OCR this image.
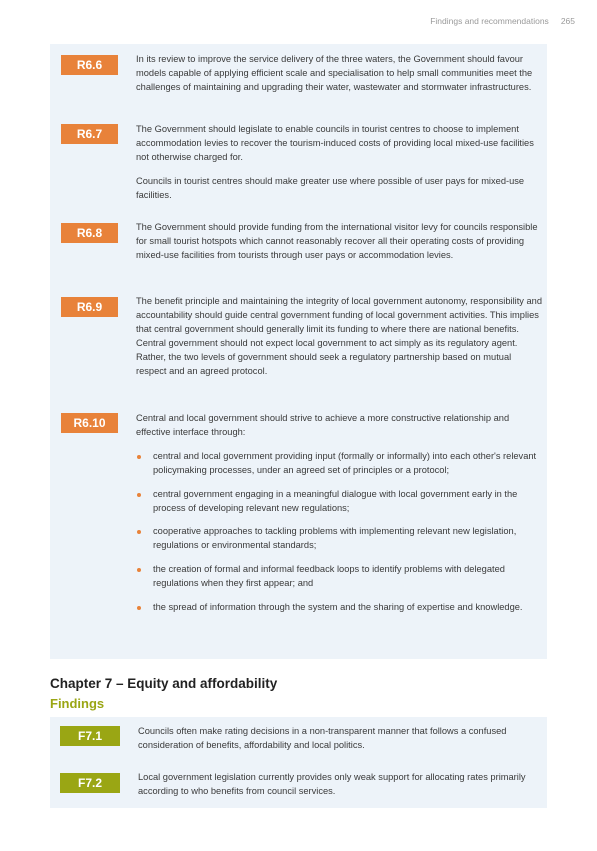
Findings and recommendations 265
R6.6	In its review to improve the service delivery of the three waters, the Government should favour models capable of applying efficient scale and specialisation to help small communities meet the challenges of maintaining and upgrading their water, wastewater and stormwater infrastructures.

R6.7	The Government should legislate to enable councils in tourist centres to choose to implement accommodation levies to recover the tourism-induced costs of providing local mixed-use facilities not otherwise charged for.

Councils in tourist centres should make greater use where possible of user pays for mixed-use facilities.

R6.8	The Government should provide funding from the international visitor levy for councils responsible for small tourist hotspots which cannot reasonably recover all their operating costs of providing mixed-use facilities from tourists through user pays or accommodation levies.

R6.9	The benefit principle and maintaining the integrity of local government autonomy, responsibility and accountability should guide central government funding of local government activities. This implies that central government should generally limit its funding to where there are national benefits. Central government should not expect local government to act simply as its regulatory agent. Rather, the two levels of government should seek a regulatory partnership based on mutual respect and an agreed protocol.

R6.10	Central and local government should strive to achieve a more constructive relationship and effective interface through:

central and local government providing input (formally or informally) into each other's relevant policymaking processes, under an agreed set of principles or a protocol;
central government engaging in a meaningful dialogue with local government early in the process of developing relevant new regulations;
cooperative approaches to tackling problems with implementing relevant new legislation, regulations or environmental standards;
the creation of formal and informal feedback loops to identify problems with delegated regulations when they first appear; and
the spread of information through the system and the sharing of expertise and knowledge.
Chapter 7 – Equity and affordability
Findings
F7.1	Councils often make rating decisions in a non-transparent manner that follows a confused consideration of benefits, affordability and local politics.
F7.2	Local government legislation currently provides only weak support for allocating rates primarily according to who benefits from council services.
